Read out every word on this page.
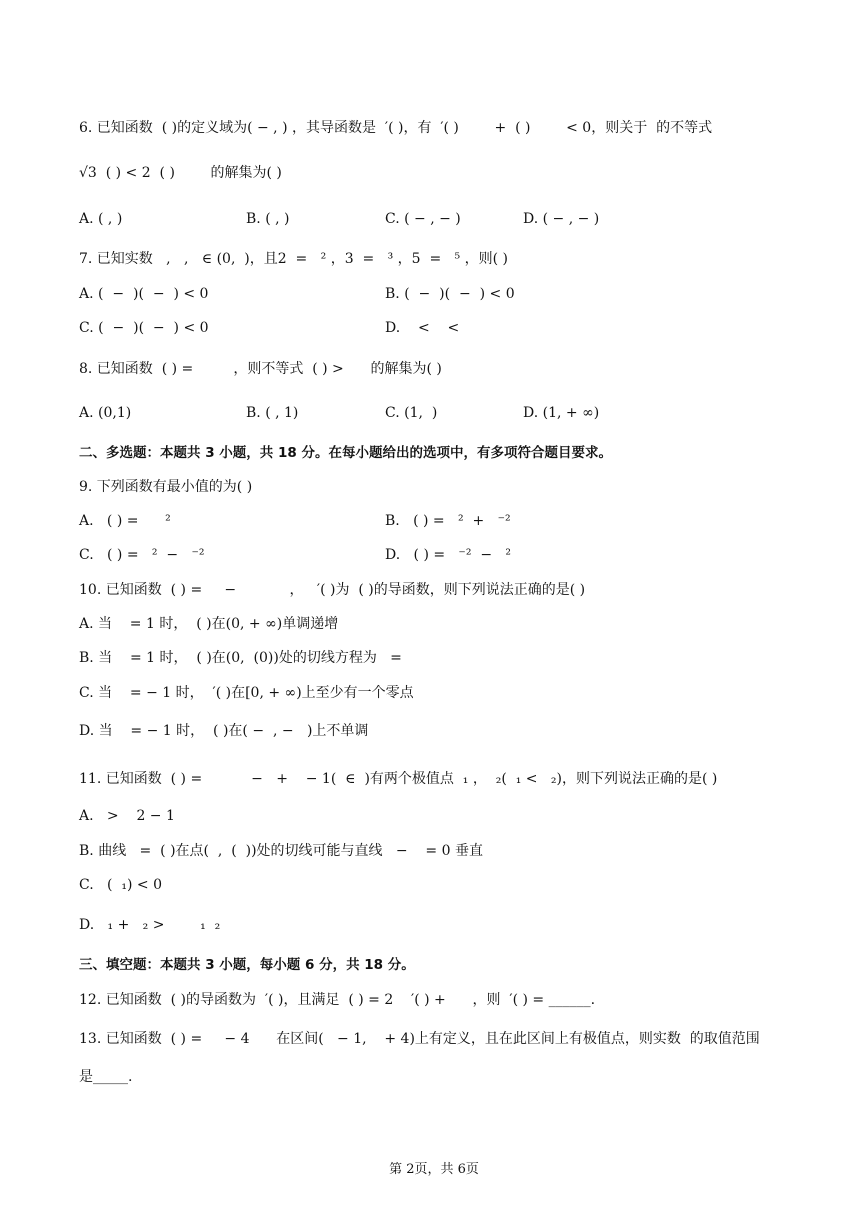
6. 已知函数  ( )的定义域为( − , ) ，其导函数是  ′( )，有  ′( )        +  ( )        < 0，则关于  的不等式
√3  ( ) < 2  ( )        的解集为( )
A. ( , )	B. ( , )	C. ( − , − )	D. ( − , − )
7. 已知实数   ,   ,   ∈ (0,  )，且2  =   ² ，3  =   ³ ，5  =   ⁵ ，则( )
A. (  −  )(  −  ) < 0	B. (  −  )(  −  ) < 0
C. (  −  )(  −  ) < 0	D.    <    <
8. 已知函数  ( ) =         ，则不等式  ( ) >      的解集为( )
A. (0,1)	B. ( , 1)	C. (1,  )	D. (1, + ∞)
二、多选题：本题共 3 小题，共 18 分。在每小题给出的选项中，有多项符合题目要求。
9. 下列函数有最小值的为( )
A.   ( ) =      ²	B.   ( ) =   ²  +   ⁻²
C.   ( ) =   ²  −   ⁻²	D.   ( ) =   ⁻²  −   ²
10. 已知函数  ( ) =     −            ，   ′( )为  ( )的导函数，则下列说法正确的是( )
A. 当    = 1 时，  ( )在(0, + ∞)单调递增
B. 当    = 1 时，  ( )在(0,  (0))处的切线方程为   =
C. 当    = − 1 时，  ′( )在[0, + ∞)上至少有一个零点
D. 当    = − 1 时，  ( )在( −  , −   )上不单调
11. 已知函数  ( ) =           −   +    − 1(  ∈  )有两个极值点  ₁ ，  ₂(  ₁ <   ₂)，则下列说法正确的是( )
A.   >    2 − 1
B. 曲线   =  ( )在点(  ,  (  ))处的切线可能与直线   −    = 0 垂直
C.   (  ₁) < 0
D.   ₁ +   ₂ >        ₁  ₂
三、填空题：本题共 3 小题，每小题 6 分，共 18 分。
12. 已知函数  ( )的导函数为  ′( )，且满足  ( ) = 2    ′( ) +      ，则  ′( ) = ______.
13. 已知函数  ( ) =     − 4      在区间(   − 1,    + 4)上有定义，且在此区间上有极值点，则实数  的取值范围
是_____.
第 2页，共 6页
